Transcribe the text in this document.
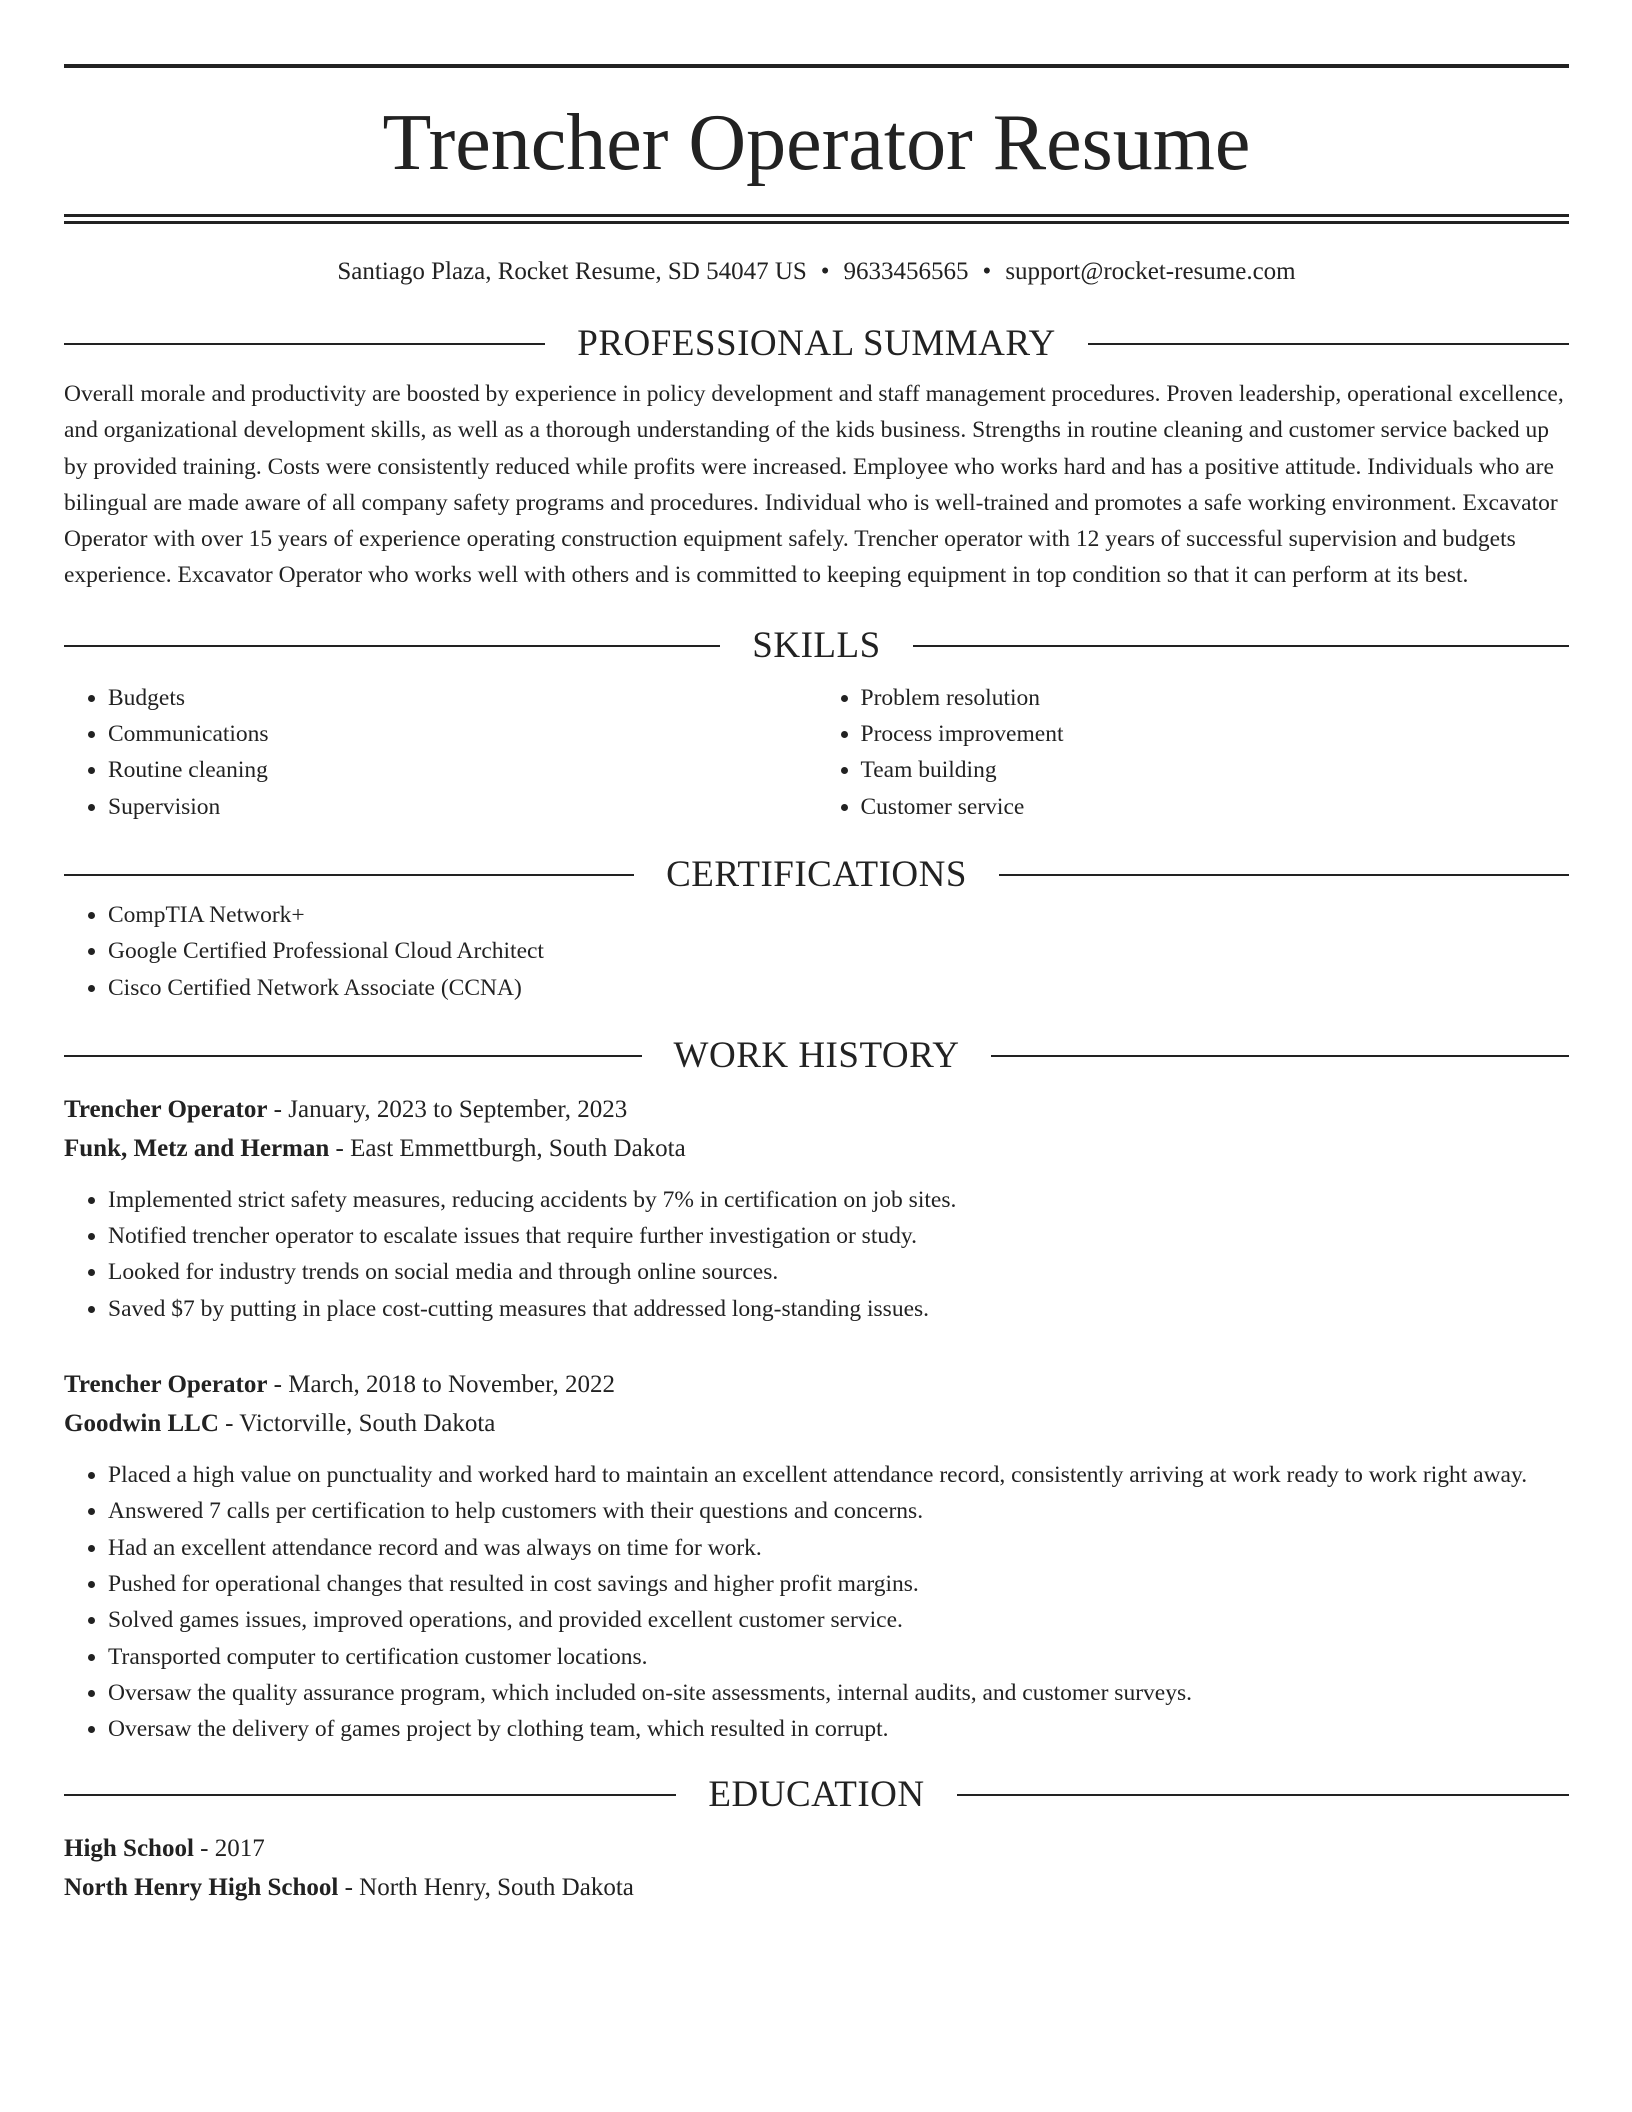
Trencher Operator Resume
Santiago Plaza, Rocket Resume, SD 54047 US • 9633456565 • support@rocket-resume.com
PROFESSIONAL SUMMARY
Overall morale and productivity are boosted by experience in policy development and staff management procedures. Proven leadership, operational excellence, and organizational development skills, as well as a thorough understanding of the kids business. Strengths in routine cleaning and customer service backed up by provided training. Costs were consistently reduced while profits were increased. Employee who works hard and has a positive attitude. Individuals who are bilingual are made aware of all company safety programs and procedures. Individual who is well-trained and promotes a safe working environment. Excavator Operator with over 15 years of experience operating construction equipment safely. Trencher operator with 12 years of successful supervision and budgets experience. Excavator Operator who works well with others and is committed to keeping equipment in top condition so that it can perform at its best.
SKILLS
• Budgets
• Communications
• Routine cleaning
• Supervision
• Problem resolution
• Process improvement
• Team building
• Customer service
CERTIFICATIONS
• CompTIA Network+
• Google Certified Professional Cloud Architect
• Cisco Certified Network Associate (CCNA)
WORK HISTORY
Trencher Operator - January, 2023 to September, 2023
Funk, Metz and Herman - East Emmettburgh, South Dakota
• Implemented strict safety measures, reducing accidents by 7% in certification on job sites.
• Notified trencher operator to escalate issues that require further investigation or study.
• Looked for industry trends on social media and through online sources.
• Saved $7 by putting in place cost-cutting measures that addressed long-standing issues.
Trencher Operator - March, 2018 to November, 2022
Goodwin LLC - Victorville, South Dakota
• Placed a high value on punctuality and worked hard to maintain an excellent attendance record, consistently arriving at work ready to work right away.
• Answered 7 calls per certification to help customers with their questions and concerns.
• Had an excellent attendance record and was always on time for work.
• Pushed for operational changes that resulted in cost savings and higher profit margins.
• Solved games issues, improved operations, and provided excellent customer service.
• Transported computer to certification customer locations.
• Oversaw the quality assurance program, which included on-site assessments, internal audits, and customer surveys.
• Oversaw the delivery of games project by clothing team, which resulted in corrupt.
EDUCATION
High School - 2017
North Henry High School - North Henry, South Dakota
